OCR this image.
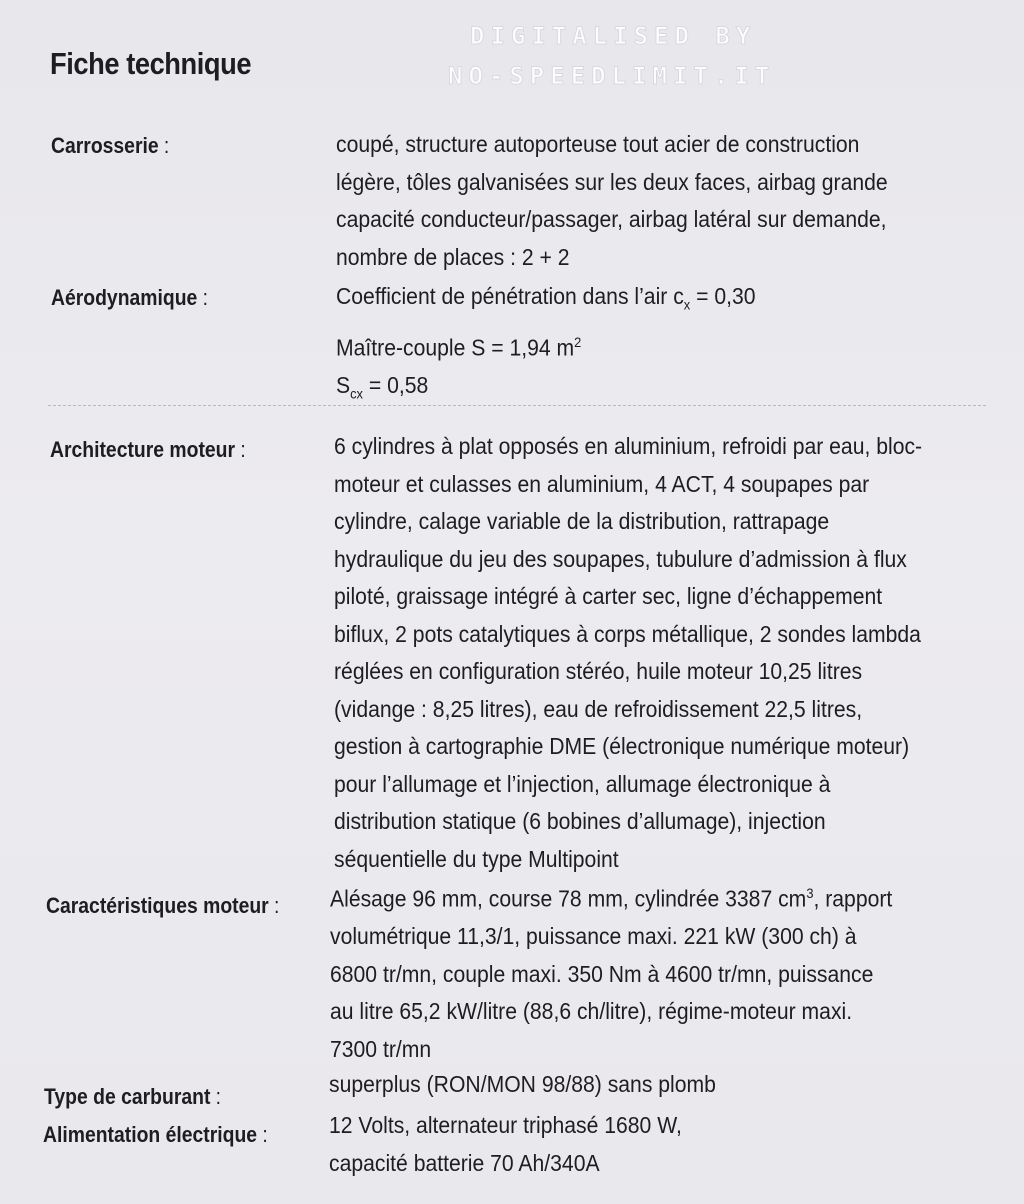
DIGITALISED BY
NO-SPEEDLIMIT.IT
Fiche technique
Carrosserie :	coupé, structure autoporteuse tout acier de construction
légère, tôles galvanisées sur les deux faces, airbag grande
capacité conducteur/passager, airbag latéral sur demande,
nombre de places : 2 + 2
Aérodynamique :	Coefficient de pénétration dans l’air $c_x = 0,30$
Maître-couple S = 1,94 $m^2$
$S_{cx} = 0,58$
Architecture moteur :	6 cylindres à plat opposés en aluminium, refroidi par eau, bloc-
moteur et culasses en aluminium, 4 ACT, 4 soupapes par
cylindre, calage variable de la distribution, rattrapage
hydraulique du jeu des soupapes, tubulure d’admission à flux
piloté, graissage intégré à carter sec, ligne d’échappement
biflux, 2 pots catalytiques à corps métallique, 2 sondes lambda
réglées en configuration stéréo, huile moteur 10,25 litres
(vidange : 8,25 litres), eau de refroidissement 22,5 litres,
gestion à cartographie DME (électronique numérique moteur)
pour l’allumage et l’injection, allumage électronique à
distribution statique (6 bobines d’allumage), injection
séquentielle du type Multipoint
Caractéristiques moteur : Alésage 96 mm, course 78 mm, cylindrée 3387 $cm^3$, rapport
volumétrique 11,3/1, puissance maxi. 221 kW (300 ch) à
6800 tr/mn, couple maxi. 350 Nm à 4600 tr/mn, puissance
au litre 65,2 kW/litre (88,6 ch/litre), régime-moteur maxi.
7300 tr/mn
Type de carburant :	superplus (RON/MON 98/88) sans plomb
Alimentation électrique :	12 Volts, alternateur triphasé 1680 W,
capacité batterie 70 Ah/340A
